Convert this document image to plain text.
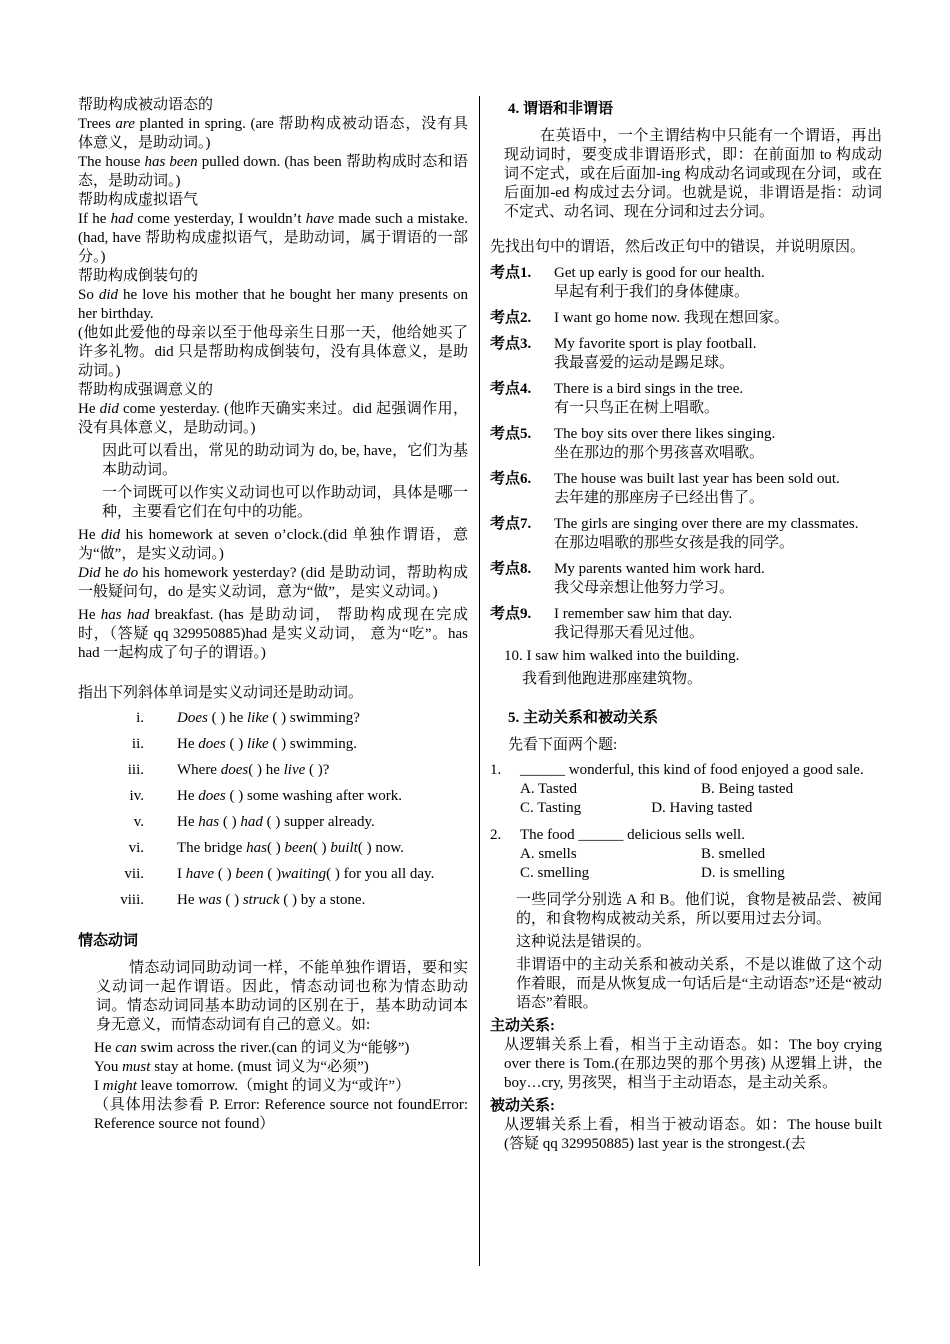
帮助构成被动语态的

Trees are planted in spring. (are 帮助构成被动语态，没有具体意义，是助动词。)

The house has been pulled down. (has been 帮助构成时态和语态，是助动词。)

帮助构成虚拟语气

If he had come yesterday, I wouldn’t have made such a mistake.(had, have 帮助构成虚拟语气，是助动词，属于谓语的一部分。)

帮助构成倒装句的

So did he love his mother that he bought her many presents on her birthday.

(他如此爱他的母亲以至于他母亲生日那一天，他给她买了许多礼物。did 只是帮助构成倒装句，没有具体意义，是助动词。)

帮助构成强调意义的

He did come yesterday. (他昨天确实来过。did 起强调作用，没有具体意义，是助动词。)

因此可以看出，常见的助动词为 do, be, have，它们为基本助动词。

一个词既可以作实义动词也可以作助动词，具体是哪一种，主要看它们在句中的功能。

He did his homework at seven o’clock.(did 单独作谓语，意为“做”，是实义动词。)

Did he do his homework yesterday? (did 是助动词，帮助构成一般疑问句，do 是实义动词，意为“做”，是实义动词。)

He has had breakfast. (has 是助动词， 帮助构成现在完成时，（答疑 qq 329950885)had 是实义动词， 意为“吃”。has had 一起构成了句子的谓语。)

指出下列斜体单词是实义动词还是助动词。

i.	Does ( ) he like ( ) swimming?
ii.	He does ( ) like ( ) swimming.
iii.	Where does( ) he live ( )?
iv.	He does ( ) some washing after work.
v.	He has ( ) had ( ) supper already.
vi.	The bridge has( ) been( ) built( ) now.
vii.	I have ( ) been ( )waiting( ) for you all day.
viii.	He was ( ) struck ( ) by a stone.

情态动词

情态动词同助动词一样，不能单独作谓语，要和实义动词一起作谓语。因此，情态动词也称为情态助动词。情态动词同基本助动词的区别在于，基本助动词本身无意义，而情态动词有自己的意义。如:

He can swim across the river.(can 的词义为“能够”)

You must stay at home. (must 词义为“必须”)

I might leave tomorrow.（might 的词义为“或许”）

（具体用法参看 P. Error: Reference source not foundError: Reference source not found）

4. 谓语和非谓语

在英语中，一个主谓结构中只能有一个谓语，再出现动词时，要变成非谓语形式，即：在前面加 to 构成动词不定式，或在后面加-ing 构成动名词或现在分词，或在后面加-ed 构成过去分词。也就是说，非谓语是指：动词不定式、动名词、现在分词和过去分词。

先找出句中的谓语，然后改正句中的错误，并说明原因。

考点1.	Get up early is good for our health.
早起有利于我们的身体健康。
考点2.	I want go home now. 我现在想回家。
考点3.	My favorite sport is play football.
我最喜爱的运动是踢足球。
考点4.	There is a bird sings in the tree.
有一只鸟正在树上唱歌。
考点5.	The boy sits over there likes singing.
坐在那边的那个男孩喜欢唱歌。
考点6.	The house was built last year has been sold out.
去年建的那座房子已经出售了。
考点7.	The girls are singing over there are my classmates.
在那边唱歌的那些女孩是我的同学。
考点8.	My parents wanted him work hard.
我父母亲想让他努力学习。
考点9.	I remember saw him that day.
我记得那天看见过他。

10. I saw him walked into the building.

我看到他跑进那座建筑物。

5. 主动关系和被动关系

先看下面两个题:

1.	______ wonderful, this kind of food enjoyed a good sale.
A. Tasted	B. Being tasted
C. Tasting	D. Having tasted
2.	The food ______ delicious sells well.
A. smells	B. smelled
C. smelling	D. is smelling

一些同学分别选 A 和 B。他们说，食物是被品尝、被闻的，和食物构成被动关系，所以要用过去分词。

这种说法是错误的。

非谓语中的主动关系和被动关系，不是以谁做了这个动作着眼，而是从恢复成一句话后是“主动语态”还是“被动语态”着眼。

主动关系:

从逻辑关系上看，相当于主动语态。如：The boy crying over there is Tom.(在那边哭的那个男孩) 从逻辑上讲，the boy…cry, 男孩哭，相当于主动语态，是主动关系。

被动关系:

从逻辑关系上看，相当于被动语态。如：The house built (答疑 qq 329950885) last year is the strongest.(去
